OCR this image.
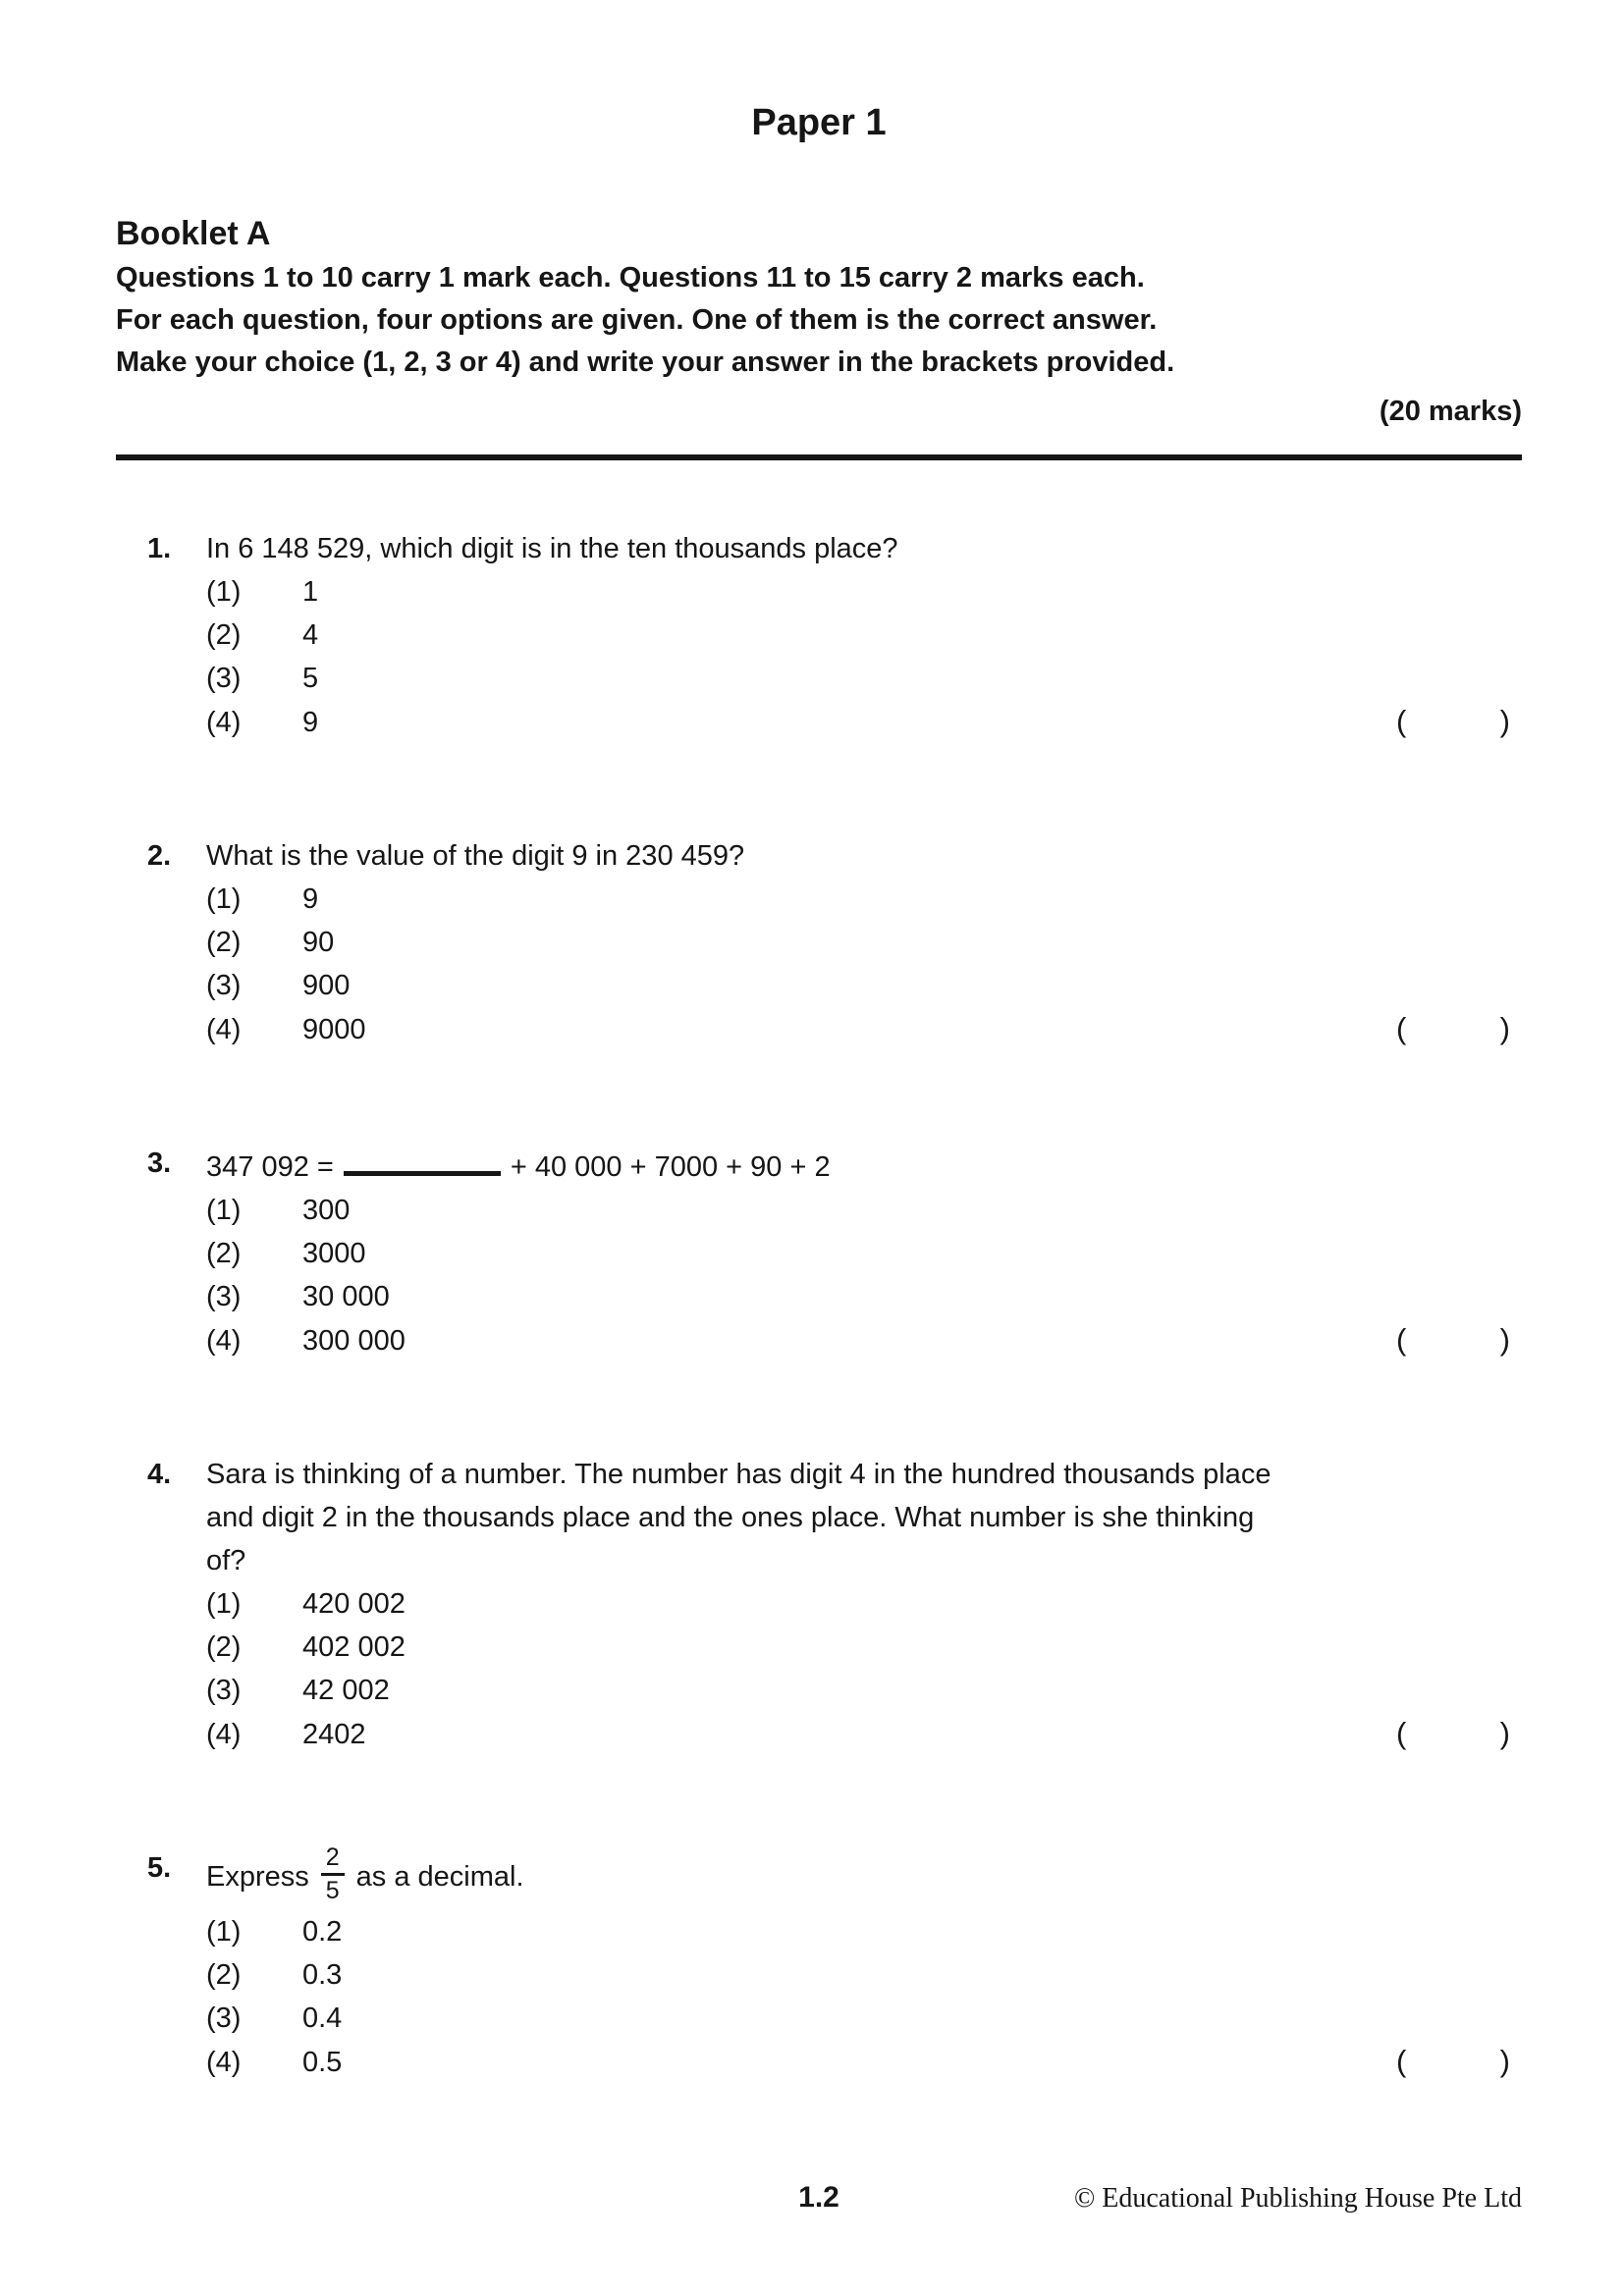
Paper 1
Booklet A

Questions 1 to 10 carry 1 mark each. Questions 11 to 15 carry 2 marks each.

For each question, four options are given. One of them is the correct answer.

Make your choice (1, 2, 3 or 4) and write your answer in the brackets provided.

(20 marks)
1.	In 6 148 529, which digit is in the ten thousands place?
(1)	1
(2)	4
(3)	5
(4)	9	(	)
2.	What is the value of the digit 9 in 230 459?
(1)	9
(2)	90
(3)	900
(4)	9000	(	)
3.	347 092 =	+ 40 000 + 7000 + 90 + 2
(1)	300
(2)	3000
(3)	30 000
(4)	300 000	(	)
4.	Sara is thinking of a number. The number has digit 4 in the hundred thousands place
and digit 2 in the thousands place and the ones place. What number is she thinking
of?
(1)	420 002
(2)	402 002
(3)	42 002
(4)	2402	(	)
5.	Express $\frac{2}{5}$ as a decimal.
(1)	0.2
(2)	0.3
(3)	0.4
(4)	0.5	(	)
1.2	© Educational Publishing House Pte Ltd
